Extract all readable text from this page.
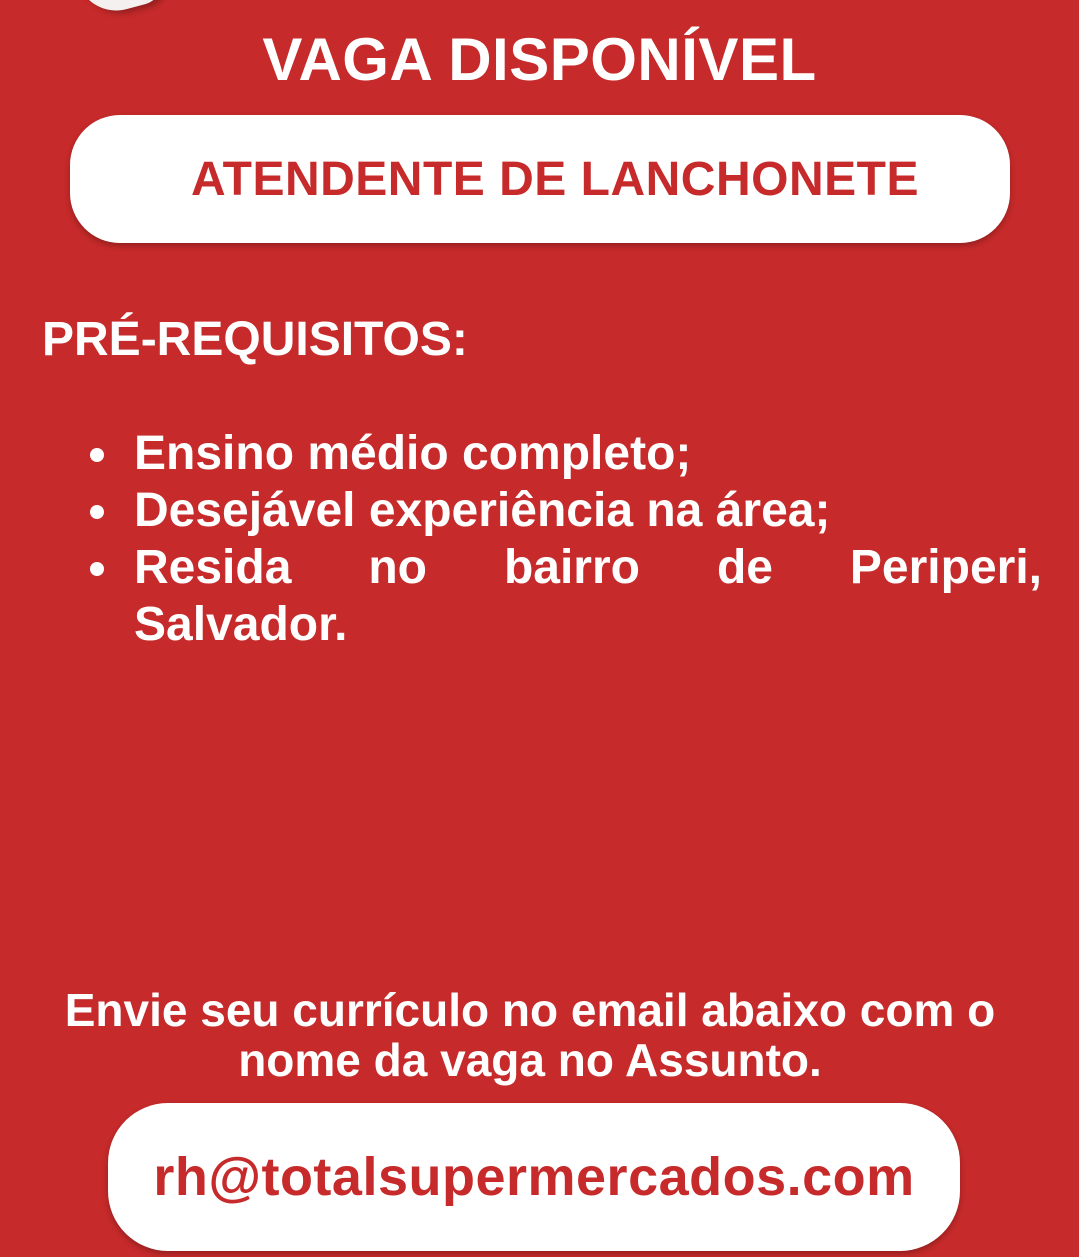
VAGA DISPONÍVEL
ATENDENTE DE LANCHONETE
PRÉ-REQUISITOS:
Ensino médio completo;
Desejável experiência na área;
Resida no bairro de Periperi, Salvador.

Envie seu currículo no email abaixo com o
nome da vaga no Assunto.

rh@totalsupermercados.com
